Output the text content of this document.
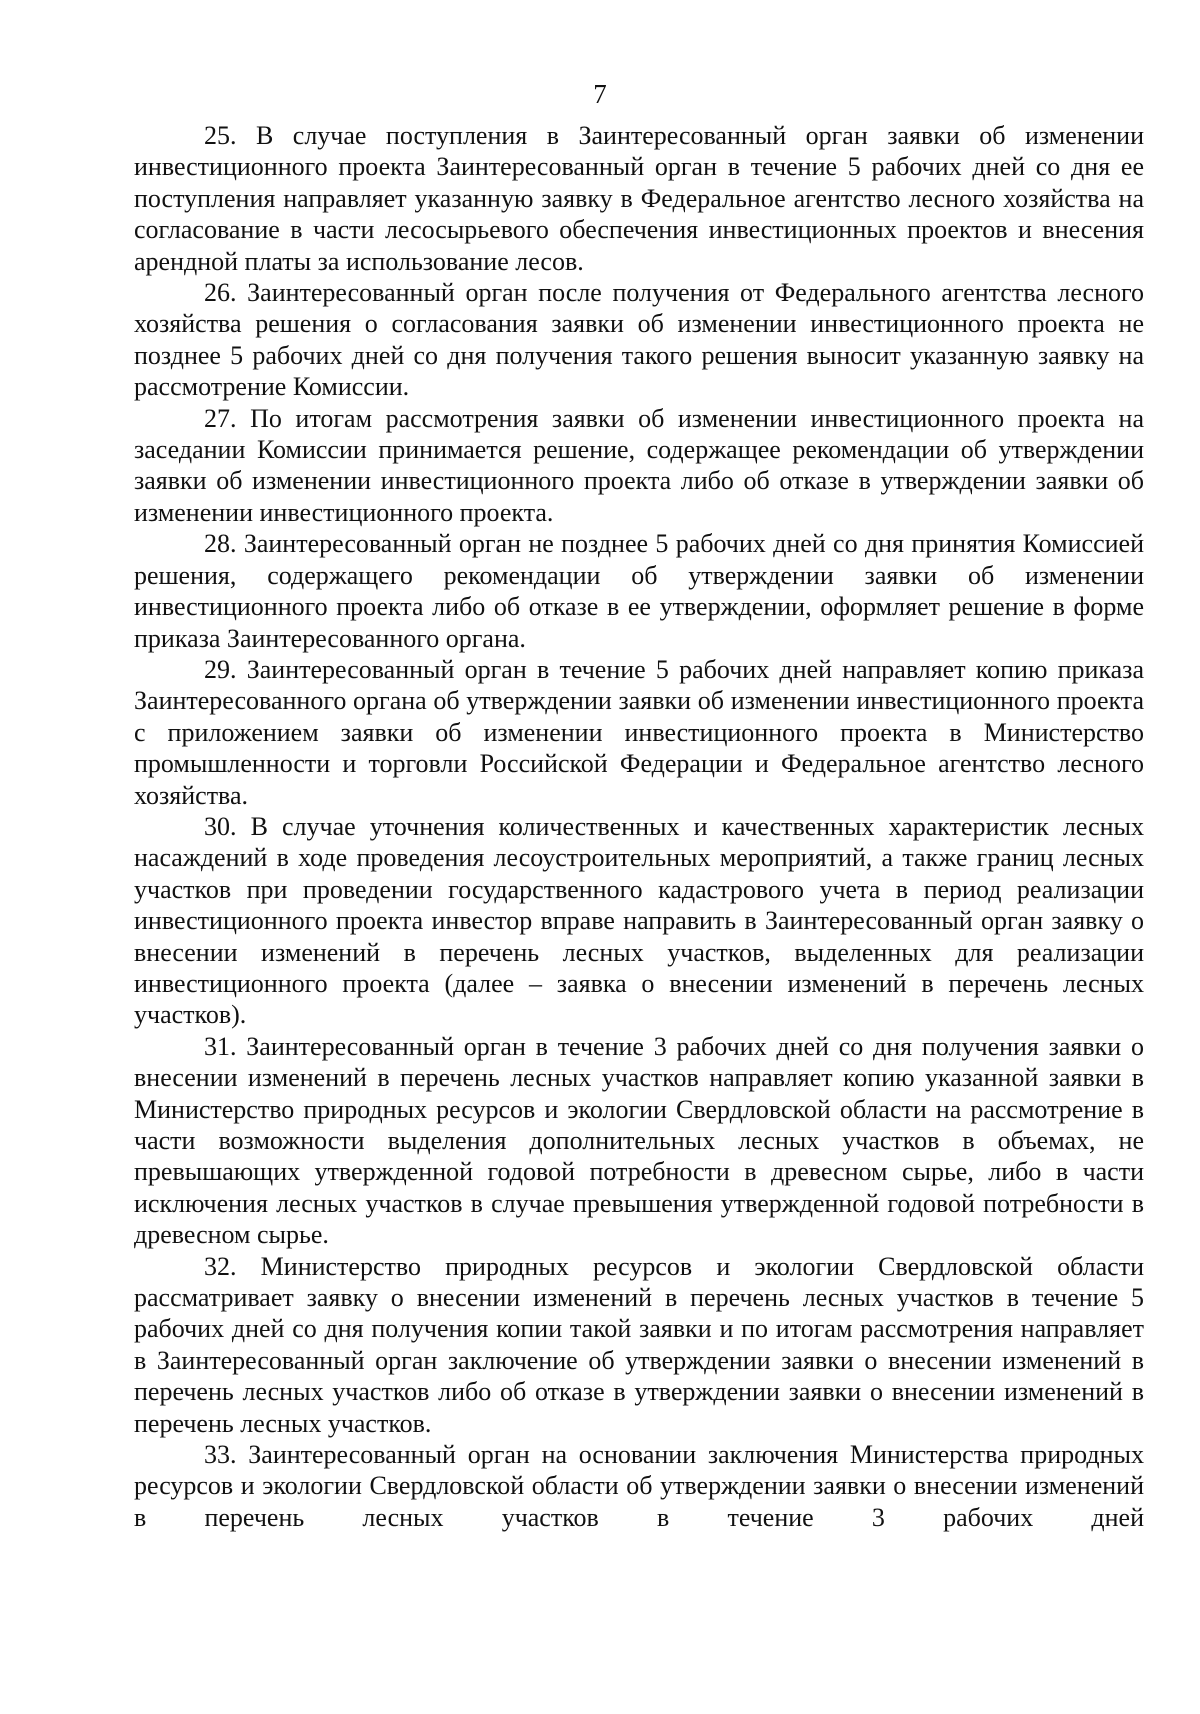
7

25. В случае поступления в Заинтересованный орган заявки об изменении инвестиционного проекта Заинтересованный орган в течение 5 рабочих дней со дня ее поступления направляет указанную заявку в Федеральное агентство лесного хозяйства на согласование в части лесосырьевого обеспечения инвестиционных проектов и внесения арендной платы за использование лесов.

26. Заинтересованный орган после получения от Федерального агентства лесного хозяйства решения о согласования заявки об изменении инвестиционного проекта не позднее 5 рабочих дней со дня получения такого решения выносит указанную заявку на рассмотрение Комиссии.

27. По итогам рассмотрения заявки об изменении инвестиционного проекта на заседании Комиссии принимается решение, содержащее рекомендации об утверждении заявки об изменении инвестиционного проекта либо об отказе в утверждении заявки об изменении инвестиционного проекта.

28. Заинтересованный орган не позднее 5 рабочих дней со дня принятия Комиссией решения, содержащего рекомендации об утверждении заявки об изменении инвестиционного проекта либо об отказе в ее утверждении, оформляет решение в форме приказа Заинтересованного органа.

29. Заинтересованный орган в течение 5 рабочих дней направляет копию приказа Заинтересованного органа об утверждении заявки об изменении инвестиционного проекта с приложением заявки об изменении инвестиционного проекта в Министерство промышленности и торговли Российской Федерации и Федеральное агентство лесного хозяйства.

30. В случае уточнения количественных и качественных характеристик лесных насаждений в ходе проведения лесоустроительных мероприятий, а также границ лесных участков при проведении государственного кадастрового учета в период реализации инвестиционного проекта инвестор вправе направить в Заинтересованный орган заявку о внесении изменений в перечень лесных участков, выделенных для реализации инвестиционного проекта (далее – заявка о внесении изменений в перечень лесных участков).

31. Заинтересованный орган в течение 3 рабочих дней со дня получения заявки о внесении изменений в перечень лесных участков направляет копию указанной заявки в Министерство природных ресурсов и экологии Свердловской области на рассмотрение в части возможности выделения дополнительных лесных участков в объемах, не превышающих утвержденной годовой потребности в древесном сырье, либо в части исключения лесных участков в случае превышения утвержденной годовой потребности в древесном сырье.

32. Министерство природных ресурсов и экологии Свердловской области рассматривает заявку о внесении изменений в перечень лесных участков в течение 5 рабочих дней со дня получения копии такой заявки и по итогам рассмотрения направляет в Заинтересованный орган заключение об утверждении заявки о внесении изменений в перечень лесных участков либо об отказе в утверждении заявки о внесении изменений в перечень лесных участков.

33. Заинтересованный орган на основании заключения Министерства природных ресурсов и экологии Свердловской области об утверждении заявки о внесении изменений в перечень лесных участков в течение 3 рабочих дней
